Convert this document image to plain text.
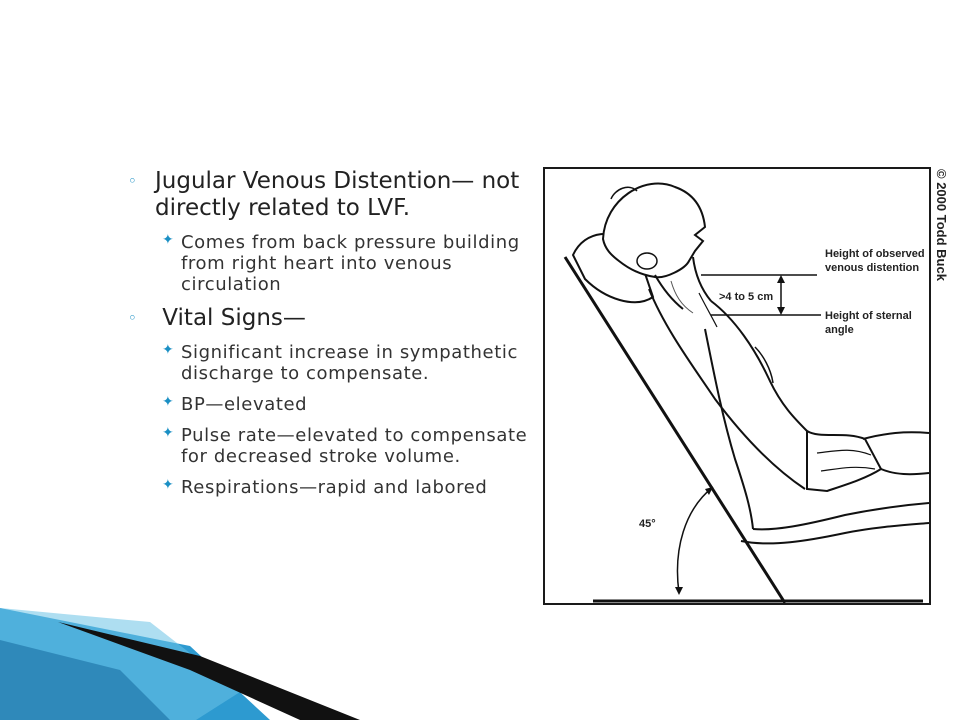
◦ Jugular Venous Distention— not directly related to LVF.
✦ Comes from back pressure building from right heart into venous circulation
◦ Vital Signs—
✦ Significant increase in sympathetic discharge to compensate.
✦ BP—elevated
✦ Pulse rate—elevated to compensate for decreased stroke volume.
✦ Respirations—rapid and labored
>4 to 5 cm
Height of observed
venous distention
Height of sternal
angle
45°
© 2000 Todd Buck
